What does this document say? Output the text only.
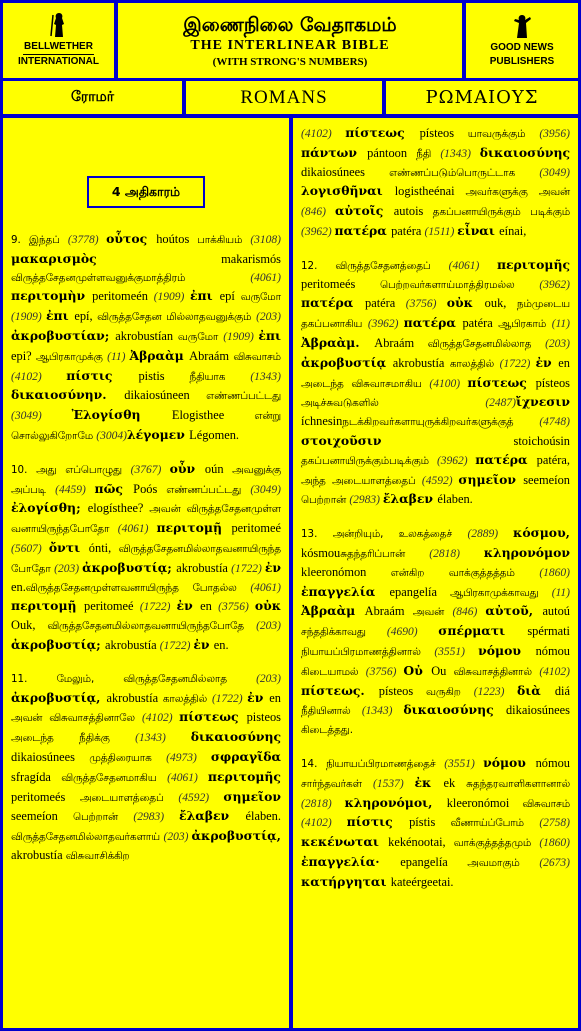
BELLWETHER
INTERNATIONAL
இணைநிலை வேதாகமம்
THE INTERLINEAR BIBLE
(WITH STRONG'S NUMBERS)
GOOD NEWS
PUBLISHERS
ரோமர்	ROMANS	ΡΩΜΑΙΟΥΣ
4 அதிகாரம்

9. இந்தப் (3778) οὗτος hoútos பாக்கியம் (3108) μακαρισμὸς makarismós விருத்தசேதனமுள்ளவனுக்குமாத்திரம் (4061) περιτομὴν peritomeén (1909) ἐπι epí வருமோ (1909) ἐπι epí, விருத்தசேதன மில்லாதவனுக்கும் (203) ἀκροβυστίαν; akrobustían வருமோ (1909) ἐπι epi? ஆபிரகாமுக்கு (11) Ἀβραὰμ Abraám விசுவாசம் (4102) πίστις pistis நீதியாக (1343) δικαιοσύνην. dikaiosúneen எண்ணப்பட்டது (3049) Ἐλογίσθη Elogisthee என்று சொல்லுகிறோமே (3004)λέγομεν Légomen.

10. அது எப்பொழுது (3767) οὖν oún அவனுக்கு அப்படி (4459) πῶς Poós எண்ணப்பட்டது (3049) ἐλογίσθη; elogísthee? அவன் விருத்தசேதனமுள்ள வனாயிருந்தபோதோ (4061) περιτομῇ peritomeé (5607) ὄντι ónti, விருத்தசேதனமில்லாதவனாயிருந்த போதோ (203) ἀκροβυστίᾳ; akrobustía (1722) ἐν en.விருத்தசேதனமுள்ளவனாயிருந்த போதல்ல (4061) περιτομῇ peritomeé (1722) ἐν en (3756) οὐκ Ouk, விருத்தசேதனமில்லாதவனாயிருந்தபோதே (203) ἀκροβυστίᾳ; akrobustía (1722) ἐν en.

11. மேலும், விருத்தசேதனமில்லாத (203) ἀκροβυστίᾳ, akrobustía காலத்தில் (1722) ἐν en அவன் விசுவாசத்தினாலே (4102) πίστεως pisteos அடைந்த நீதிக்கு (1343) δικαιοσύνης dikaiosúnees முத்திரையாக (4973) σφραγῖδα sfragída விருத்தசேதனமாகிய (4061) περιτομῆς peritomeés அடையாளத்தைப் (4592) σημεῖον seemeíon பெற்றான் (2983) ἔλαβεν élaben. விருத்தசேதனமில்லாதவர்களாய் (203) ἀκροβυστίᾳ, akrobustía விசுவாசிக்கிற

(4102) πίστεως písteos யாவருக்கும் (3956) πάντων pántoon நீதி (1343) δικαιοσύνης dikaiosúnees எண்ணப்படும்பொருட்டாக (3049) λογισθῆναι logistheénai அவர்களுக்கு அவன் (846) αὐτοῖς autois தகப்பனாயிருக்கும் படிக்கும் (3962) πατέρα patéra (1511) εἶναι eínai,

12. விருத்தசேதனத்தைப் (4061) περιτομῆς peritomeés பெற்றவர்களாய்மாத்திரமல்ல (3962) πατέρα patéra (3756) οὐκ ouk, நம்முடைய தகப்பனாகிய (3962) πατέρα patéra ஆபிரகாம் (11) Ἀβραὰμ. Abraám விருத்தசேதனமில்லாத (203) ἀκροβυστίᾳ akrobustía காலத்தில் (1722) ἐν en அடைந்த விசுவாசமாகிய (4100) πίστεως písteos அடிச்சுவடுகளில் (2487)ἴχνεσιν íchnesinநடக்கிறவர்களாயுருக்கிறவர்களுக்குத் (4748) στοιχοῦσιν stoichoúsin தகப்பனாயிருக்கும்படிக்கும் (3962) πατέρα patéra, அந்த அடையாளத்தைப் (4592) σημεῖον seemeíon பெற்றான் (2983) ἔλαβεν élaben.

13. அன்றியும், உலகத்தைச் (2889) κόσμου, kósmouசுதந்தரிப்பான் (2818) κληρονόμον kleeronómon என்கிற வாக்குத்தத்தம் (1860) ἐπαγγελία epangelía ஆபிரகாமுக்காவது (11) Ἀβραὰμ Abraám அவன் (846) αὐτοῦ, autoú சந்ததிக்காவது (4690) σπέρματι spérmati நியாயப்பிரமாணத்தினால் (3551) νόμου nómou கிடையாமல் (3756) Οὐ Ou விசுவாசத்தினால் (4102) πίστεως. písteos வருகிற (1223) διὰ diá நீதியினால் (1343) δικαιοσύνης dikaiosúnees கிடைத்தது.

14. நியாயப்பிரமாணத்தைச் (3551) νόμου nómou சார்ந்தவர்கள் (1537) ἐκ ek சுதந்தரவாளிகளானால் (2818) κληρονόμοι, kleeronómoi விசுவாசம் (4102) πίστις pístis வீணாய்ப்போம் (2758) κεκένωται kekénootai, வாக்குத்தத்தமும் (1860) ἐπαγγελία· epangelía அவமாகும் (2673) κατήργηται kateérgeetai.
